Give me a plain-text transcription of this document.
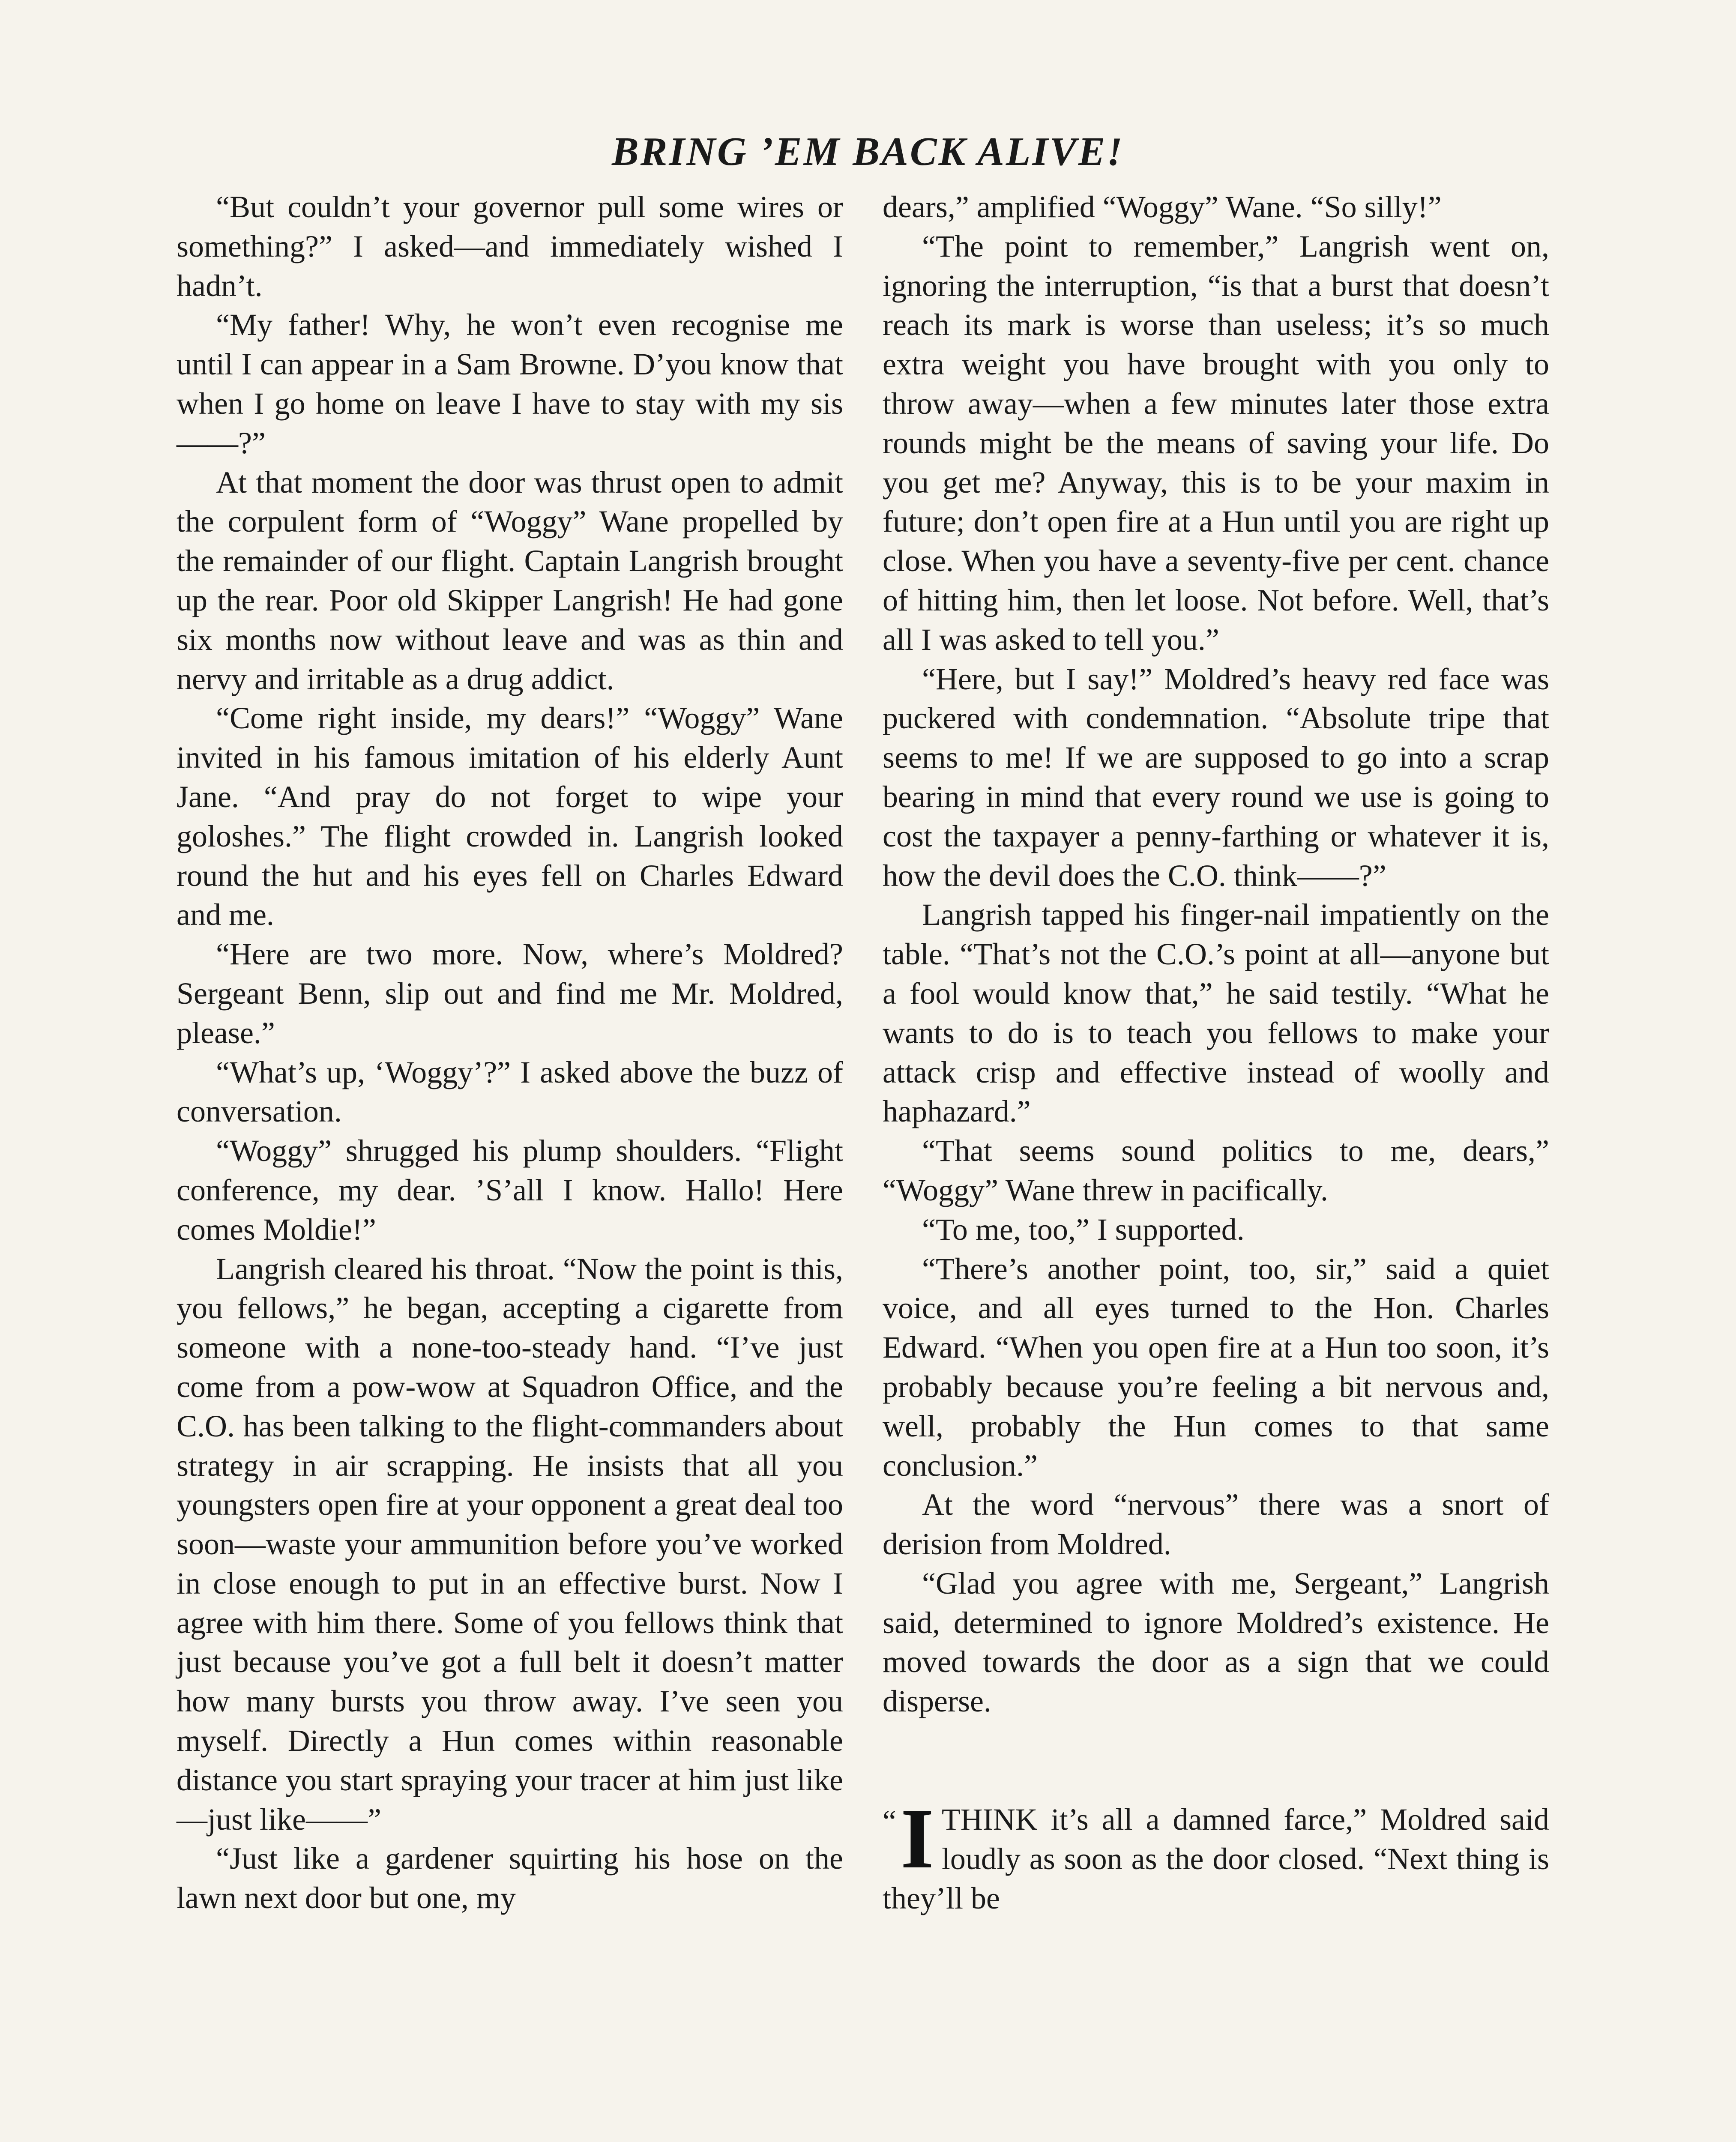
BRING ’EM BACK ALIVE!

“But couldn’t your governor pull some wires or something?” I asked—and immediately wished I hadn’t.

“My father! Why, he won’t even recognise me until I can appear in a Sam Browne. D’you know that when I go home on leave I have to stay with my sis——?”

At that moment the door was thrust open to admit the corpulent form of “Woggy” Wane propelled by the remainder of our flight. Captain Langrish brought up the rear. Poor old Skipper Langrish! He had gone six months now without leave and was as thin and nervy and irritable as a drug addict.

“Come right inside, my dears!” “Woggy” Wane invited in his famous imitation of his elderly Aunt Jane. “And pray do not forget to wipe your goloshes.” The flight crowded in. Langrish looked round the hut and his eyes fell on Charles Edward and me.

“Here are two more. Now, where’s Moldred? Sergeant Benn, slip out and find me Mr. Moldred, please.”

“What’s up, ‘Woggy’?” I asked above the buzz of conversation.

“Woggy” shrugged his plump shoulders. “Flight conference, my dear. ’S’all I know. Hallo! Here comes Moldie!”

Langrish cleared his throat. “Now the point is this, you fellows,” he began, accepting a cigarette from someone with a none-too-steady hand. “I’ve just come from a pow-wow at Squadron Office, and the C.O. has been talking to the flight-commanders about strategy in air scrapping. He insists that all you youngsters open fire at your opponent a great deal too soon—waste your ammunition before you’ve worked in close enough to put in an effective burst. Now I agree with him there. Some of you fellows think that just because you’ve got a full belt it doesn’t matter how many bursts you throw away. I’ve seen you myself. Directly a Hun comes within reasonable distance you start spraying your tracer at him just like—just like——”

“Just like a gardener squirting his hose on the lawn next door but one, my

dears,” amplified “Woggy” Wane. “So silly!”

“The point to remember,” Langrish went on, ignoring the interruption, “is that a burst that doesn’t reach its mark is worse than useless; it’s so much extra weight you have brought with you only to throw away—when a few minutes later those extra rounds might be the means of saving your life. Do you get me? Anyway, this is to be your maxim in future; don’t open fire at a Hun until you are right up close. When you have a seventy-five per cent. chance of hitting him, then let loose. Not before. Well, that’s all I was asked to tell you.”

“Here, but I say!” Moldred’s heavy red face was puckered with condemnation. “Absolute tripe that seems to me! If we are supposed to go into a scrap bearing in mind that every round we use is going to cost the taxpayer a penny-farthing or whatever it is, how the devil does the C.O. think——?”

Langrish tapped his finger-nail impatiently on the table. “That’s not the C.O.’s point at all—anyone but a fool would know that,” he said testily. “What he wants to do is to teach you fellows to make your attack crisp and effective instead of woolly and haphazard.”

“That seems sound politics to me, dears,” “Woggy” Wane threw in pacifically.

“To me, too,” I supported.

“There’s another point, too, sir,” said a quiet voice, and all eyes turned to the Hon. Charles Edward. “When you open fire at a Hun too soon, it’s probably because you’re feeling a bit nervous and, well, probably the Hun comes to that same conclusion.”

At the word “nervous” there was a snort of derision from Moldred.

“Glad you agree with me, Sergeant,” Langrish said, determined to ignore Moldred’s existence. He moved towards the door as a sign that we could disperse.

“ I THINK it’s all a damned farce,” Moldred said loudly as soon as the door closed. “Next thing is they’ll be
